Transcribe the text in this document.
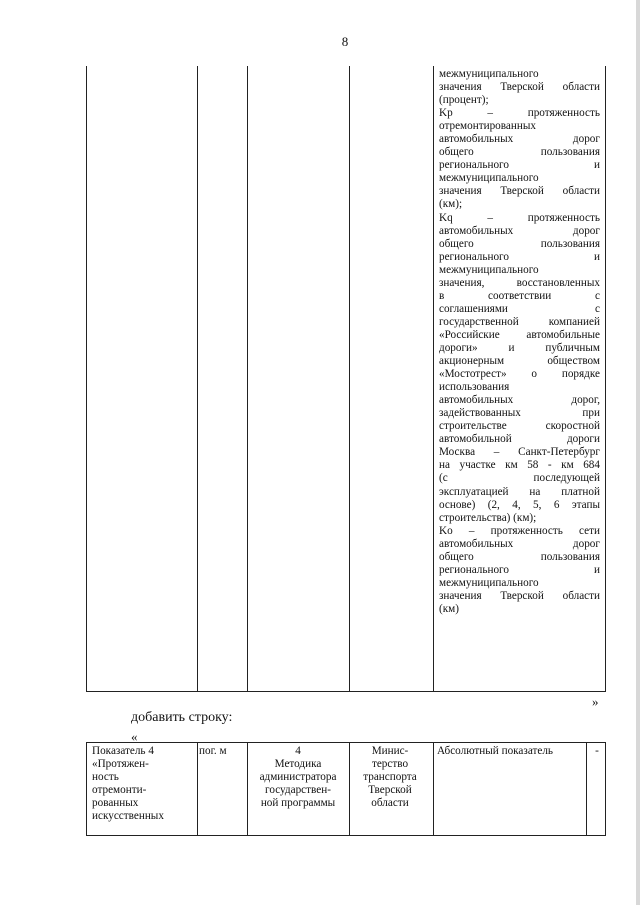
8
межмуниципального
значения Тверской области
(процент);
Kp – протяженность
отремонтированных
автомобильных дорог
общего пользования
регионального и
межмуниципального
значения Тверской области
(км);
Kq – протяженность
автомобильных дорог
общего пользования
регионального и
межмуниципального
значения, восстановленных
в соответствии с
соглашениями с
государственной компанией
«Российские автомобильные
дороги» и публичным
акционерным обществом
«Мостотрест» о порядке
использования
автомобильных дорог,
задействованных при
строительстве скоростной
автомобильной дороги
Москва – Санкт-Петербург
на участке км 58 - км 684
(с последующей
эксплуатацией на платной
основе) (2, 4, 5, 6 этапы
строительства) (км);
Ko – протяженность сети
автомобильных дорог
общего пользования
регионального и
межмуниципального
значения Тверской области
(км)
»
добавить строку:
«
Показатель 4
«Протяжен-
ность
отремонти-
рованных
искусственных
пог. м	4
Методика
администратора
государствен-
ной программы
Минис-
терство
транспорта
Тверской
области
Абсолютный показатель	-
